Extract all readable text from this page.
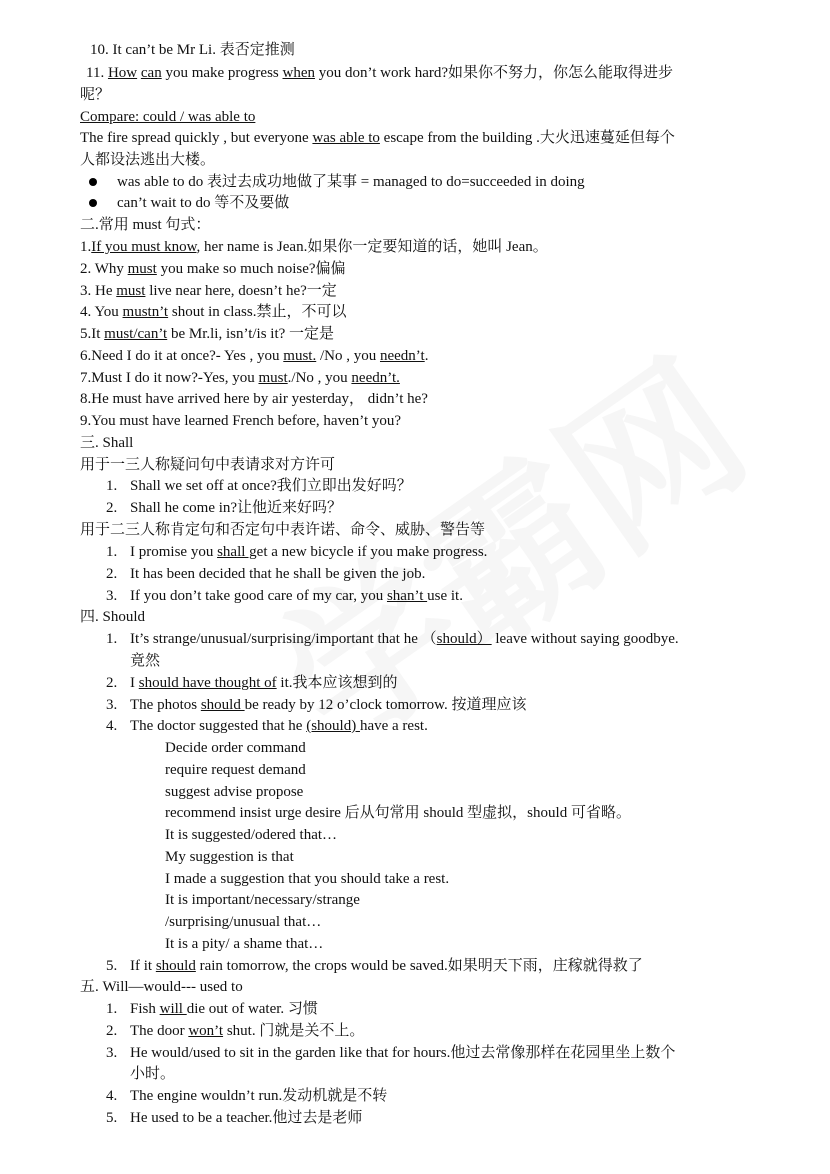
10. It can’t be Mr Li. 表否定推测
11. How can you make progress when you don’t work hard?如果你不努力，你怎么能取得进步
呢？
Compare: could / was able to
The fire spread quickly , but everyone was able to escape from the building .大火迅速蔓延但每个
人都设法逃出大楼。
was able to do 表过去成功地做了某事 = managed to do=succeeded in doing
can’t wait to do 等不及要做
二.常用 must 句式：
1.If you must know, her name is Jean.如果你一定要知道的话，她叫 Jean。
2. Why must you make so much noise?偏偏
3. He must live near here, doesn’t he?一定
4. You mustn’t shout in class.禁止，不可以
5.It must/can’t be Mr.li, isn’t/is it? 一定是
6.Need I do it at once?- Yes , you must. /No , you needn’t.
7.Must I do it now?-Yes, you must./No , you needn’t.
8.He must have arrived here by air yesterday， didn’t he?
9.You must have learned French before, haven’t you?
三. Shall
用于一三人称疑问句中表请求对方许可
1. Shall we set off at once?我们立即出发好吗？
2. Shall he come in?让他近来好吗？
用于二三人称肯定句和否定句中表许诺、命令、威胁、警告等
1. I promise you shall get a new bicycle if you make progress.
2. It has been decided that he shall be given the job.
3. If you don’t take good care of my car, you shan’t use it.
四. Should
1. It’s strange/unusual/surprising/important that he （should） leave without saying goodbye.
竟然
2. I should have thought of it.我本应该想到的
3. The photos should be ready by 12 o’clock tomorrow. 按道理应该
4. The doctor suggested that he (should) have a rest.
Decide order command
require request demand
suggest advise propose
recommend insist urge desire 后从句常用 should 型虚拟，should 可省略。
It is suggested/odered that…
My suggestion is that
I made a suggestion that you should take a rest.
It is important/necessary/strange
/surprising/unusual that…
It is a pity/ a shame that…
5. If it should rain tomorrow, the crops would be saved.如果明天下雨，庄稼就得救了
五. Will—would--- used to
1. Fish will die out of water. 习惯
2. The door won’t shut. 门就是关不上。
3. He would/used to sit in the garden like that for hours.他过去常像那样在花园里坐上数个
小时。
4. The engine wouldn’t run.发动机就是不转
5. He used to be a teacher.他过去是老师
